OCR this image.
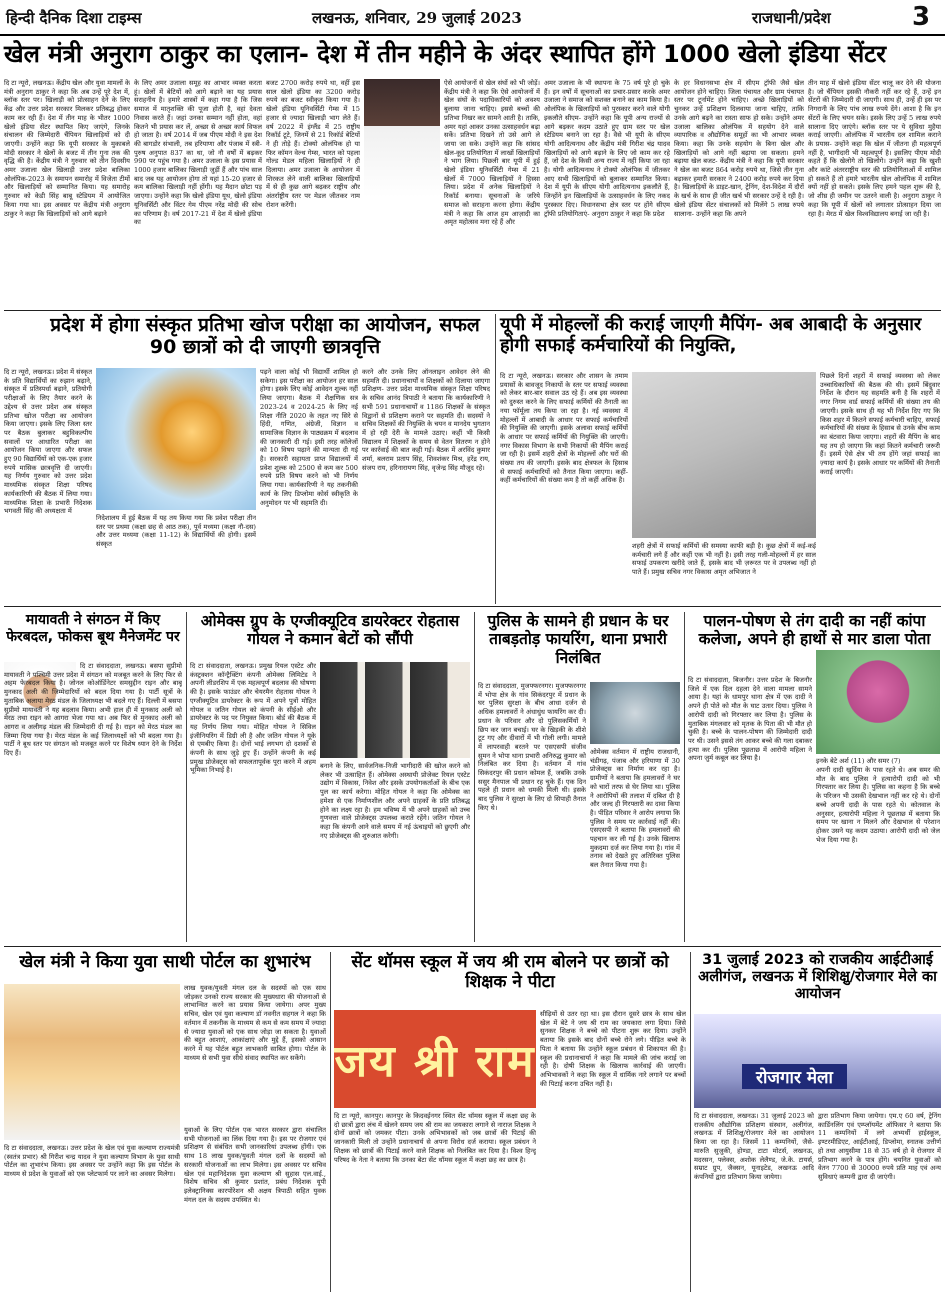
हिन्दी दैनिक दिशा टाइम्स	लखनऊ, शनिवार, 29 जुलाई 2023	राजधानी/प्रदेश	3
खेल मंत्री अनुराग ठाकुर का एलान- देश में तीन महीने के अंदर स्थापित होंगे 1000 खेलो इंडिया सेंटर
दि टा न्यूरो, लखनऊ। केंद्रीय खेल और युवा मामलों के मंत्री अनुराग ठाकुर ने कहा कि अब उन्हें पूरे देश में, ब्लॉक स्तर पर। खिलाड़ी को प्रोत्साहन देने के लिए केंद्र और उत्तर प्रदेश सरकार मिलकर प्रतिबद्ध होकर काम कर रही हैं। देश में तीन माह के भीतर 1000 खेलो इंडिया सेंटर स्थापित किए जाएंगे, जिनके संचालन की जिम्मेदारी चैंपियन खिलाड़ियों को दी जाएगी। उन्होंने कहा कि यूपी सरकार के मुकाबले मोदी सरकार ने खेलों के बजट में तीन गुना तक की वृद्धि की है। केंद्रीय मंत्री ने गुरुवार को तीन दिवसीय अमर उजाला खेल खिलाड़ी उत्तर प्रदेश बालिका ओलंपिक-2023 के समापन समारोह में विजेता टीमों और खिलाड़ियों को सम्मानित किया। यह समारोह गुरुवार को केडी सिंह बाबू स्टेडियम में आयोजित किया गया था। इस अवसर पर केंद्रीय मंत्री अनुराग ठाकुर ने कहा कि खिलाड़ियों को आगे बढ़ाने
के लिए अमर उजाला समूह का आभार व्यक्त करता हूं। खेलों में बेटियों को आगे बढ़ाने का यह प्रयास सराहनीय है। हमारे शास्त्रों में कहा गया है कि जिस समाज में मातृशक्ति की पूजा होती है, वहां देवता निवास करते हैं। जहां उनका सम्मान नहीं होता, वहां कितने भी प्रयास कर लें, अच्छा से अच्छा कार्य विफल हो जाता है। वर्ष 2014 में जब पीएम मोदी ने इस देश की बागडोर संभाली, तब हरियाणा और पंजाब में स्त्री-पुरुष अनुपात 837 का था, जो नौ वर्षों में बढ़कर 990 पर पहुंच गया है। अमर उजाला के इस प्रयास में 1000 हजार बालिका खिलाड़ी जुड़ीं हैं और पांच साल बाद जब यह आयोजन होगा तो यहां 15-20 हजार से कम बालिका खिलाड़ी नहीं होंगी। यह मैदान छोटा पड़ जाएगा। उन्होंने कहा कि खेलो इंडिया यूथ, खेलो इंडिया यूनिवर्सिटी और विंटर गेम पीएम नरेंद्र मोदी की सोच का परिणाम है। वर्ष 2017-21 में देश में खेलो इंडिया का
बजट 2700 करोड़ रुपये था, वहीं इस साल खेलो इंडिया का 3200 करोड़ रुपये का बजट स्वीकृत किया गया है। खेलो इंडिया यूनिवर्सिटी गेम्स में 15 हजार से ज्यादा खिलाड़ी भाग लेते हैं। वर्ष 2022 में इंग्लैंड में 25 राष्ट्रीय रिकॉर्ड टूटे, जिनमें से 21 रिकॉर्ड बेटियों ने ही तोड़े हैं। टोक्यो ओलंपिक हो या फिर कॉमन वेल्थ गेम्स, भारत को पहला गोल्ड मेडल महिला खिलाड़ियों ने ही दिलाया। अमर उजाला के आयोजन में शिरकत लेने वाली बालिका खिलाड़ियों में से ही कुछ आगे बढ़कर राष्ट्रीय और अंतर्राष्ट्रीय स्तर पर मेडल जीतकर नाम रोशन करेंगी।
ऐसे आयोजनों से खेल संघों को भी जोड़ें। केंद्रीय मंत्री ने कहा कि ऐसे आयोजनों में खेल संघों के पदाधिकारियों को अवश्य बुलाया जाना चाहिए। इससे बच्चों की प्रतिभा निखर कर सामने आती है। ताकि, अमर यहां आकर उनका उत्साहवर्धन बढ़ा सकें। प्रतिभा दिखने तो उसे आगे ले जाया जा सके। उन्होंने कहा कि सांसद खेल-कूद प्रतियोगिता में लाखों खिलाड़ियों ने भाग लिया। पिछली बार यूपी में हुई खेलो इंडिया यूनिवर्सिटी गेम्स में 21 खेलों में 7000 खिलाड़ियों ने हिस्सा लिया। प्रदेश में अनेक खिलाड़ियों ने रिकॉर्ड बनाया। सूचनाओं के जरिये समाज को सराहना करना होगा। केंद्रीय मंत्री ने कहा कि आज हम आज़ादी का अमृत महोत्सव मना रहे हैं और
अमर उजाला के भी स्थापना के 75 वर्ष पूरे हो चुके हैं। इन वर्षों में सूचनाओं का प्रचार-प्रसार करके अमर उजाला ने समाज को सशक्त बनाने का काम किया है। ओलंपिक के खिलाड़ियों को पुरस्कार करने वाले योगी इकलौते सीएम- उन्होंने कहा कि यूपी अन्य राज्यों से आगे बढ़कर कदम उठाते हुए ग्राम स्तर पर खेल स्टेडियम बनाने जा रहा है। वैसे भी यूपी के सीएम योगी आदित्यनाथ और केंद्रीय मंत्री गिरीश चंद्र यादव खिलाड़ियों को आगे बढ़ाने के लिए जो काम कर रहे हैं, जो देश के किसी अन्य राज्य में नहीं किया जा रहा है। योगी आदित्यनाथ ने टोक्यो ओलंपिक में जीतकर आए सभी खिलाड़ियों को बुलाकर सम्मानित किया। देश में यूपी के सीएम योगी आदित्यनाथ इकलौते हैं, जिन्होंने इन खिलाड़ियों के उत्साहवर्धन के लिए नकद पुरस्कार दिए। विधानसभा क्षेत्र स्तर पर होंगे सीएम ट्रॉफी प्रतियोगिताएं- अनुराग ठाकुर ने कहा कि प्रदेश
के हर विधानसभा क्षेत्र में सीएम ट्रॉफी जैसे खेल आयोजन होने चाहिए। जिला पंचायत और ग्राम पंचायत स्तर पर टूर्नामेंट होने चाहिए। अच्छे खिलाड़ियों को चुनकर उन्हें प्रशिक्षण दिलवाया जाना चाहिए, ताकि उनके आगे बढ़ने का रास्ता साफ हो सके। उन्होंने अमर उजाला बालिका ओलंपिक में सहयोग देने वाले व्यापारिक व औद्योगिक समूहों का भी आभार व्यक्त किया। कहा कि उनके सहयोग के बिना खेल और खिलाड़ियों को आगे नहीं बढ़ाया जा सकता। हमने बढ़ाया खेल बजट- केंद्रीय मंत्री ने कहा कि यूपी सरकार ने खेल का बजट 864 करोड़ रुपये था, जिसे तीन गुना बढ़ाकर हमारी सरकार ने 2400 करोड़ रुपये कर दिया है। खिलाड़ियों के डाइट-खान, ट्रेनिंग, देश-विदेश में दौरों के खर्च के साथ ही जीत खर्च भी सरकार उन्हें दे रही है। खेलो इंडिया सेंटर संचालकों को मिलेंगे 5 लाख रुपये सालाना- उन्होंने कहा कि अपने
तीन माह में खेलो इंडिया सेंटर चालू कर देने की योजना है। जो चैंपियन इसकी नौकरी नहीं कर रहे हैं, उन्हें इन सेंटरों की जिम्मेदारी दी जाएगी। साथ ही, उन्हें ही इस पर निगरानी के लिए पांच लाख रुपये देंगे। आशा है कि इन सेंटरों के लिए चयन सके। इसके लिए उन्हें 5 लाख रुपये सालाना दिए जाएंगे। ब्लॉक स्तर पर ये सुविधा मुहैया कराई जाएगी। ओलंपिक में भारतीय दल शामिल कराने के प्रयास- उन्होंने कहा कि खेल में जीतना ही महत्वपूर्ण नहीं है, भागीदारी भी महत्वपूर्ण है। इसलिए पीएम मोदी कहते हैं कि खेलोगे तो खिलोगे। उन्होंने कहा कि खुशी और कांटे अंतरराष्ट्रीय स्तर की प्रतियोगिताओं में शामिल हो सकते हैं तो हमारे भारतीय खेल ओलंपिक में शामिल क्यों नहीं हो सकते। इसके लिए हमने पहल शुरू की है, जो शीघ्र ही जमीन पर उतरने वाली है। अनुराग ठाकुर ने कहा कि यूपी में खेलों को लगातार प्रोत्साहन दिया जा रहा है। मेरठ में खेल विश्वविद्यालय बनाई जा रही है।
प्रदेश में होगा संस्कृत प्रतिभा खोज परीक्षा का आयोजन, सफल 90 छात्रों को दी जाएगी छात्रवृत्ति
दि टा न्यूरो, लखनऊ। प्रदेश में संस्कृत के प्रति विद्यार्थियों का रुझान बढ़ाने, संस्कृत में प्रतिस्पर्धा बढ़ाने, प्रतियोगी परीक्षाओं के लिए तैयार करने के उद्देश्य से उत्तर प्रदेश अब संस्कृत प्रतिभा खोज परीक्षा का आयोजन किया जाएगा। इसके लिए जिला स्तर पर बैठक बुलाकर बहुविकल्पीय सवालों पर आधारित परीक्षा का आयोजन किया जाएगा और सफल हुए 90 विद्यार्थियों को एक-एक हजार रुपये मासिक छात्रवृत्ति दी जाएगी। यह निर्णय गुरुवार को उत्तर प्रदेश माध्यमिक संस्कृत शिक्षा परिषद कार्यकारिणी की बैठक में लिया गया। माध्यमिक शिक्षा के प्रभारी निदेशक भगवती सिंह की अध्यक्षता में
निदेशालय में हुई बैठक में यह तय किया गया कि प्रवेश परीक्षा तीन स्तर पर प्रथमा (कक्षा छह से आठ तक), पूर्व मध्यमा (कक्षा नौ-दस) और उत्तर मध्यमा (कक्षा 11-12) के विद्यार्थियों की होगी। इसमें संस्कृत
पढ़ने वाला कोई भी विद्यार्थी शामिल हो सकेगा। इस परीक्षा का आयोजन हर साल होगा। इसके लिए कोई आवेदन शुल्क नहीं लिया जाएगा। बैठक में शैक्षणिक सत्र 2023-24 व 2024-25 के लिए नई शिक्षा नीति 2020 के तहत नए सिरे से हिंदी, गणित, अंग्रेजी, विज्ञान व सामाजिक विज्ञान के पाठ्यक्रम में बदलाव की जानकारी दी गई। इसी तरह कॉलेजों को 10 विषय पढ़ाने की मान्यता दी गई है। सरकारी सहायता प्राप्त विद्यालयों में प्रवेश शुल्क को 2500 से कम कर 500 रुपये प्रति विषय करने को भी निर्णय लिया गया। कार्यकारिणी ने यह तकनीकी कार्य के लिए डिप्लोमा कोर्स स्वीकृति के अनुमोदन पर भी सहमति दी।
करने और उनके लिए ऑनलाइन आवेदन लेने की सहमति दी। प्रधानाचार्यों व शिक्षकों को दिलाया जाएगा प्रशिक्षण- उत्तर प्रदेश माध्यमिक संस्कृत शिक्षा परिषद के सचिव आनंद त्रिपाठी ने बताया कि कार्यकारिणी ने सभी 591 प्रधानाचार्यों व 1186 शिक्षकों के संस्कृत विद्वानों से प्रशिक्षण कराने पर सहमति दी। सदस्यों ने सचिव शिक्षकों की नियुक्ति के चयन व मानदेय भुगतान में हो रही देरी के मामले उठाए। कहीं भी किसी विद्यालय में शिक्षकों के समय से वेतन वितरण न होने पर कार्रवाई की बात कही गई। बैठक में अरविंद कुमार शर्मा, बलराम प्रताप सिंह, शिवशंकर मिश्र, हरेंद्र राय, संजय राय, हरिनारायण सिंह, वृजेन्द्र सिंह मौजूद रहे।
यूपी में मोहल्लों की कराई जाएगी मैपिंग- अब आबादी के अनुसार होगी सफाई कर्मचारियों की नियुक्ति,
दि टा न्यूरो, लखनऊ। सरकार और शासन के तमाम प्रयासों के बावजूद निकायों के स्तर पर सफाई व्यवस्था को लेकर बार-बार सवाल उठ रहे हैं। अब इस व्यवस्था को दुरुस्त करने के लिए सफाई कर्मियों की तैनाती का नया फॉर्मूला तय किया जा रहा है। नई व्यवस्था में मोहल्लों में आबादी के आधार पर सफाई कर्मचारियों की नियुक्ति की जाएगी। इसके अलावा सफाई कर्मियों के आधार पर सफाई कर्मियों की नियुक्ति की जाएगी। नगर विकास विभाग के सभी निकायों की मैपिंग कराई जा रही है। इसमें शहरी क्षेत्रों के मोहल्लों और घरों की संख्या तय की जाएगी। इसके बाद क्षेत्रफल के हिसाब से सफाई कर्मचारियों को तैनात किया जाएगा। कहीं-कहीं कर्मचारियों की संख्या कम है तो कहीं अधिक है।
शहरी क्षेत्रों में सफाई कर्मियों की समस्या काफी बड़ी है। कुछ क्षेत्रों में कई-कई कर्मचारी लगे हैं और कहीं एक भी नहीं है। इसी तरह गली-मोहल्लों में हर साल सफाई उपकरण खरीदे जाते हैं, इसके बाद भी ज़रूरत पर वे उपलब्ध नहीं हो पाते हैं। प्रमुख सचिव नगर विकास अमृत अभिजात ने
पिछले दिनों शहरों में सफाई व्यवस्था को लेकर उच्चाधिकारियों की बैठक की थी। इसमें बिंदुवार निर्देश के दौरान यह सहमति बनी है कि शहरों में नगर निगम वार्ड सफाई कर्मियों की संख्या तय की जाएगी। इसके साथ ही यह भी निर्देश दिए गए कि किस शहर में कितने सफाई कर्मचारी चाहिए, सफाई कर्मचारियों की संख्या के हिसाब से उनके बीच काम का बंटवारा किया जाएगा। शहरों की मैपिंग के बाद यह तय हो जाएगा कि कहां कितने कर्मचारी जरूरी हैं। इसमें ऐसे क्षेत्र भी तय होंगे जहां सफाई का ज़्यादा कार्य है। इसके आधार पर कर्मियों की तैनाती कराई जाएगी।
मायावती ने संगठन में किए फेरबदल, फोकस बूथ मैनेजमेंट पर
दि टा संवाददाता, लखनऊ। बसपा सुप्रीमो मायावती ने पश्चिमी उत्तर प्रदेश में संगठन को मजबूत करने के लिए फिर से अहम फेरबदल किया है। जोनल कोऑर्डिनेटर समसुद्दीन राइन और बाबू मुनकाद अली की जिम्मेदारियों को बदल दिया गया है। पार्टी सूत्रों के मुताबिक अलाया मेरठ मंडल के जिलाध्यक्ष भी बदले गए हैं। दिल्ली में बसपा सुप्रीमो मायावती ने यह बदलाव किया। अभी हाल ही में मुनकाद अली को मेरठ तथा राइन को आगरा भेजा गया था। अब फिर से मुनकाद अली को आगरा व अलीगढ़ मंडल की जिम्मेदारी दी गई है। राइन को मेरठ मंडल का जिम्मा दिया गया है। मेरठ मंडल के कई जिलाध्यक्षों को भी बदला गया है। पार्टी ने बूथ स्तर पर संगठन को मजबूत करने पर विशेष ध्यान देने के निर्देश दिए हैं।
ओमेक्स ग्रुप के एग्जीक्यूटिव डायरेक्टर रोहतास गोयल ने कमान बेटों को सौंपी
दि टा संवाददाता, लखनऊ। प्रमुख रियल एस्टेट और कंस्ट्रक्शन कॉन्ट्रैक्टिंग कंपनी ओमेक्स लिमिटेड ने अपनी लीडरशिप में एक महत्वपूर्ण बदलाव की घोषणा की है। इसके फाउंडर और चेयरमैन रोहतास गोयल ने एग्जीक्यूटिव डायरेक्टर के रूप में अपने पुत्रों मोहित गोयल व जतिन गोयल को कंपनी के सीईओ और डायरेक्टर के पद पर नियुक्त किया। बोर्ड की बैठक में यह निर्णय लिया गया। मोहित गोयल ने सिविल इंजीनियरिंग में डिग्री ली है और जतिन गोयल ने यूके से एमबीए किया है। दोनों भाई लगभग दो दशकों से कंपनी के साथ जुड़े हुए हैं। उन्होंने कंपनी के कई प्रमुख प्रोजेक्ट्स को सफलतापूर्वक पूरा करने में अहम भूमिका निभाई है।
बनाने के लिए, सार्वजनिक-निजी भागीदारी की खोज करने को लेकर भी उत्साहित हैं। ओमेक्स अस्थायी प्रोजेक्ट रियल एस्टेट उद्योग में विकास, निवेश और इसके उपयोगकर्ताओं के बीच एक पुल का कार्य करेगा। मोहित गोयल ने कहा कि ओमेक्स का हमेशा से एक निर्माणशील और अपने ग्राहकों के प्रति प्रतिबद्ध होने का लक्ष्य रहा है। हम भविष्य में भी अपने ग्राहकों को उच्च गुणवत्ता वाले प्रोजेक्ट्स उपलब्ध कराते रहेंगे। जतिन गोयल ने कहा कि कंपनी आने वाले समय में नई ऊंचाइयों को छुएगी और नए प्रोजेक्ट्स की शुरुआत करेगी।
पुलिस के सामने ही प्रधान के घर ताबड़तोड़ फायरिंग, थाना प्रभारी निलंबित
दि टा संवाददाता, मुजफ्फरनगर। मुजफ्फरनगर में भोपा क्षेत्र के गांव सिकंदरपुर में प्रधान के घर पुलिस सुरक्षा के बीच आधा दर्जन से अधिक हमलावरों ने अंधाधुंध फायरिंग कर दी। प्रधान के परिवार और दो पुलिसकर्मियों ने छिप कर जान बचाई। घर के खिड़की के शीशे टूट गए और दीवारों में भी गोली लगी। मामले में लापरवाही बरतने पर एसएसपी संजीव सुमन ने भोपा थाना प्रभारी अनिरुद्ध कुमार को निलंबित कर दिया है। वर्तमान में गांव सिकंदरपुर की प्रधान कोमल हैं, जबकि उनके ससुर मैनपाल भी प्रधान रह चुके हैं। एक दिन पहले ही प्रधान को धमकी मिली थी। इसके बाद पुलिस ने सुरक्षा के लिए दो सिपाही तैनात किए थे।
ओमेक्स वर्तमान में राष्ट्रीय राजधानी, चंडीगढ़, पंजाब और हरियाणा में 30 प्रोजेक्ट्स का निर्माण कर रहा है। ग्रामीणों ने बताया कि हमलावरों ने घर को चारों तरफ से घेर लिया था। पुलिस ने आरोपियों की तलाश में दबिश दी है और जल्द ही गिरफ्तारी का दावा किया है। पीड़ित परिवार ने आरोप लगाया कि पुलिस ने समय पर कार्रवाई नहीं की। एसएसपी ने बताया कि हमलावरों की पहचान कर ली गई है। उनके खिलाफ मुकदमा दर्ज कर लिया गया है। गांव में तनाव को देखते हुए अतिरिक्त पुलिस बल तैनात किया गया है।
पालन-पोषण से तंग दादी का नहीं कांपा कलेजा, अपने ही हाथों से मार डाला पोता
दि टा संवाददाता, बिजनौर। उत्तर प्रदेश के बिजनौर जिले में एक दिल दहला देने वाला मामला सामने आया है। यहां के धामपुर थाना क्षेत्र में एक दादी ने अपने ही पोते को मौत के घाट उतार दिया। पुलिस ने आरोपी दादी को गिरफ्तार कर लिया है। पुलिस के मुताबिक मंगलवार को मृतक के पिता की भी मौत हो चुकी है। बच्चे के पालन-पोषण की जिम्मेदारी दादी पर थी। उसने इससे तंग आकर बच्चे की गला दबाकर हत्या कर दी। पुलिस पूछताछ में आरोपी महिला ने अपना जुर्म कबूल कर लिया है।	इनके बेटे अर्श (11) और समर (7)
अपनी दादी खुर्दिया के पास रहते थे। अब समर की मौत के बाद पुलिस ने हत्यारोपी दादी को भी गिरफ्तार कर लिया है। पुलिस का कहना है कि बच्चे के परिजन भी उसकी देखभाल नहीं कर रहे थे। दोनों बच्चे अपनी दादी के पास रहते थे। कोतवाल के अनुसार, हत्यारोपी महिला ने पूछताछ में बताया कि समय पर खाना न मिलने और देखभाल से परेशान होकर उसने यह कदम उठाया। आरोपी दादी को जेल भेज दिया गया है।
खेल मंत्री ने किया युवा साथी पोर्टल का शुभारंभ
दि टा संवाददाता, लखनऊ। उत्तर प्रदेश के खेल एवं युवा कल्याण राज्यमंत्री (स्वतंत्र प्रभार) श्री गिरीश चन्द्र यादव ने युवा कल्याण विभाग के युवा साथी पोर्टल का शुभारंभ किया। इस अवसर पर उन्होंने कहा कि इस पोर्टल के माध्यम से प्रदेश के युवाओं को एक प्लेटफार्म पर लाने का अवसर मिलेगा।
लाख युवक/युवती मंगल दल के सदस्यों को एक साथ जोड़कर उनको राज्य सरकार की मुख्यधारा की योजनाओं से लाभान्वित करने का प्रयास किया जायेगा। अपर मुख्य सचिव, खेल एवं युवा कल्याण डॉ नवनीत सहगल ने कहा कि वर्तमान में तकनीक के माध्यम से कम से कम समय में ज्यादा से ज्यादा युवाओं को एक साथ जोड़ा जा सकता है। युवाओं की बहुत आशाएं, आकांक्षाएं और मुद्दे हैं, इसको आसान करने में यह पोर्टल बहुत लाभकारी साबित होगा। पोर्टल के माध्यम से सभी युवा सीधे संवाद स्थापित कर सकेंगे।
युवाओं के लिए पोर्टल एक भारत सरकार द्वारा संचालित सभी योजनाओं का लिंक दिया गया है। इस पर रोजगार एवं प्रशिक्षण से संबंधित सभी जानकारियां उपलब्ध होंगी। एक साथ 18 लाख युवक/युवती मंगल दलों के सदस्यों को सरकारी योजनाओं का लाभ मिलेगा। इस अवसर पर सचिव खेल एवं महानिदेशक युवा कल्याण श्री सुहास एल.वाई., विशेष सचिव श्री कुमार प्रशांत, प्रबंध निदेशक यूपी इलेक्ट्रानिक्स कारपोरेशन श्री अक्षय त्रिपाठी सहित युवक मंगल दल के सदस्य उपस्थित थे।
सेंट थॉमस स्कूल में जय श्री राम बोलने पर छात्रों को शिक्षक ने पीटा
जय श्री राम
दि टा न्यूरो, कानपुर। कानपुर के किदवईनगर स्थित सेंट थॉमस स्कूल में कक्षा छह के दो छात्रों द्वारा लंच में खेलने समय जय श्री राम का जयकारा लगाने से नाराज शिक्षक ने दोनों छात्रों को जमकर पीटा। उनके अभिभावकों को जब छात्रों की पिटाई की जानकारी मिली तो उन्होंने प्रधानाचार्य से अपना विरोध दर्ज कराया। स्कूल प्रबंधन ने शिक्षक को छात्रों की पिटाई करने वाले शिक्षक को निलंबित कर दिया है। विश्व हिन्दू परिषद के नेता ने बताया कि उनका बेटा सेंट थॉमस स्कूल में कक्षा छह का छात्र है।
सीढ़ियों से उतर रहा था। इस दौरान दूसरे छात्र के साथ खेल खेल में बेटे ने जय श्री राम का जयकारा लगा दिया। जिसे सुनकर शिक्षक ने बच्चे को पीटना शुरू कर दिया। उन्होंने बताया कि इसके बाद दोनों बच्चे रोने लगे। पीड़ित बच्चे के पिता ने बताया कि उन्होंने स्कूल प्रबंधन से शिकायत की है। स्कूल की प्रधानाचार्या ने कहा कि मामले की जांच कराई जा रही है। दोषी शिक्षक के खिलाफ कार्रवाई की जाएगी। अभिभावकों ने कहा कि स्कूल में धार्मिक नारे लगाने पर बच्चों की पिटाई करना उचित नहीं है।
31 जुलाई 2023 को राजकीय आईटीआई अलीगंज, लखनऊ में शिशिक्षु/रोजगार मेले का आयोजन
रोजगार मेला
दि टा संवाददाता, लखनऊ। 31 जुलाई 2023 को राजकीय औद्योगिक प्रशिक्षण संस्थान, अलीगंज, लखनऊ में शिशिक्षु/रोजगार मेले का आयोजन किया जा रहा है। जिसमें 11 कम्पनियों, जैसे- मारुति सुजुकी, होण्डा, टाटा मोटर्स, लखनऊ, मदरसन, फ्लेक्स, अशोक लेलैण्ड, जे.के. टायर्स, सम्राट ग्रुप, जैक्सन, यूनाइटेड, लखनऊ आदि कंपनियों द्वारा प्रतिभाग किया जायेगा।
द्वारा प्रतिभाग किया जायेगा। एम.ए 60 वर्ष, ट्रेनिंग कार्डिनलिंग एवं एम्प्लॉयमेंट ऑफिसर ने बताया कि 11 कम्पनियों में लगे अभ्यर्थी हाईस्कूल, इण्टरमीडिएट, आईटीआई, डिप्लोमा, स्नातक उत्तीर्ण हो तथा आयुसीमा 18 से 35 वर्ष हो वे रोजगार में प्रतिभाग करने के पात्र होंगे। चयनित युवाओं को वेतन 7700 से 30000 रुपये प्रति माह एवं अन्य सुविधाएं कम्पनी द्वारा दी जाएंगी।
